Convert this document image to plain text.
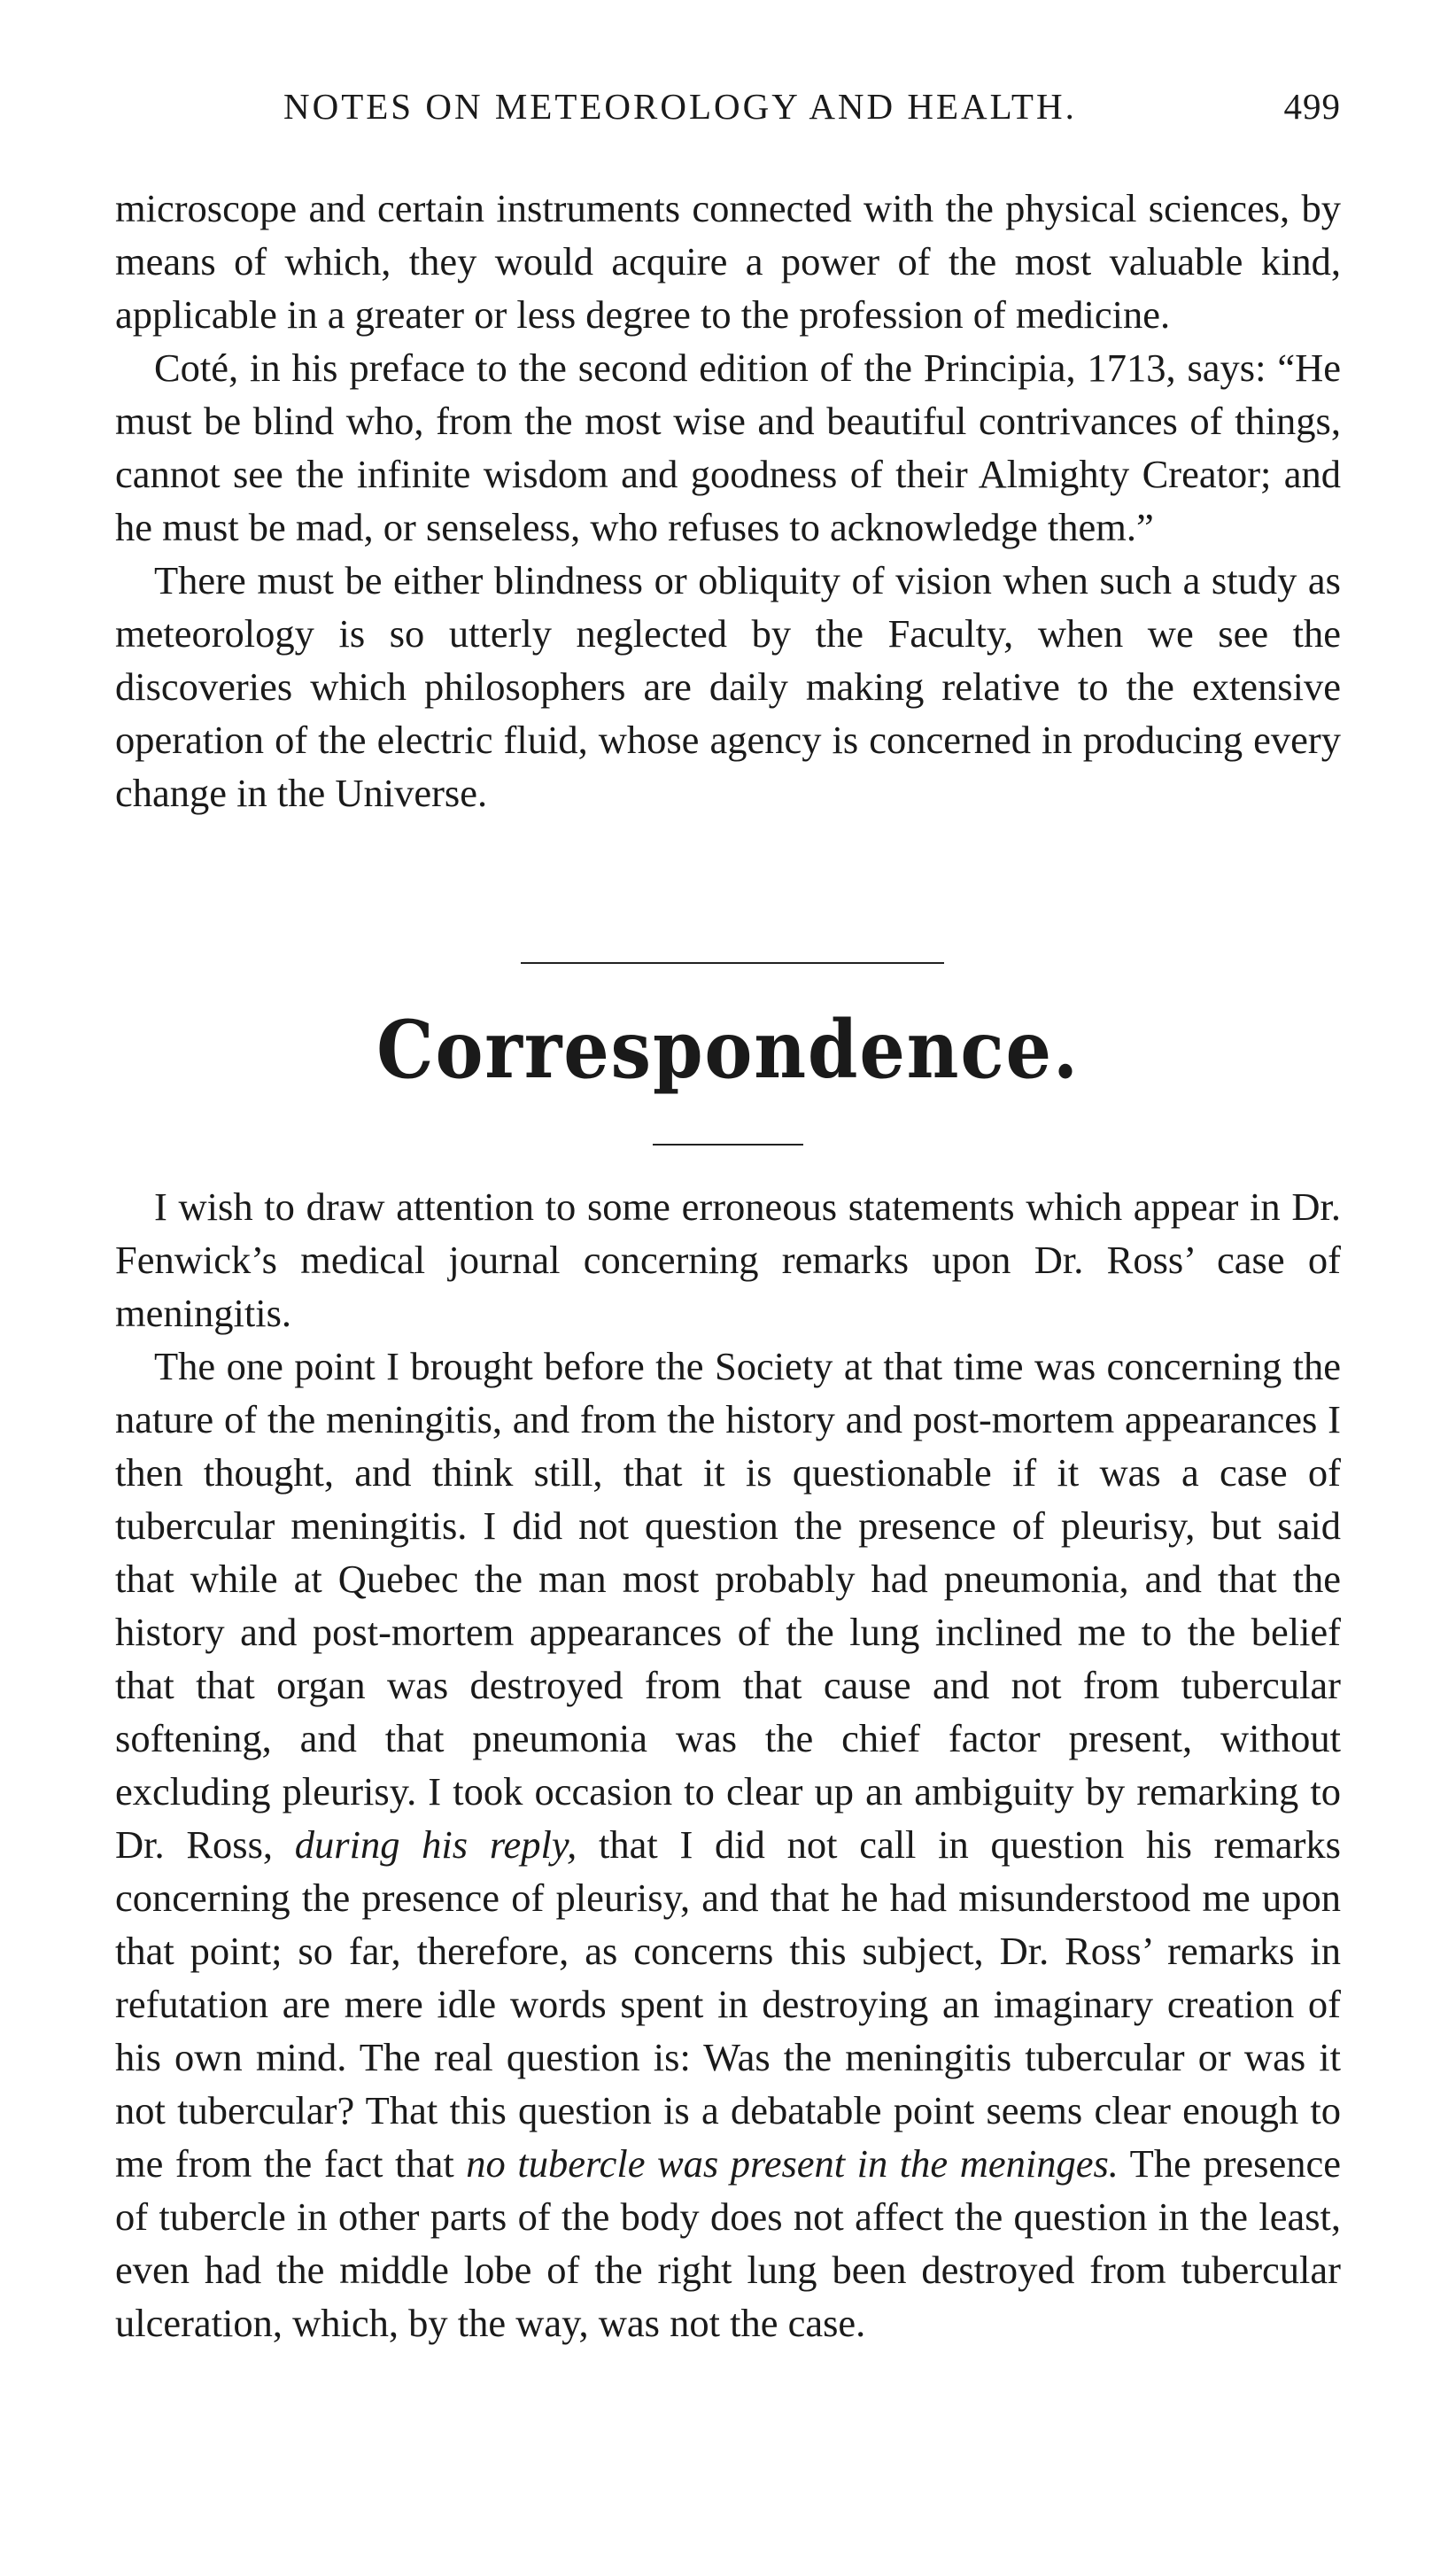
NOTES ON METEOROLOGY AND HEALTH.	499

microscope and certain instruments connected with the physical sciences, by means of which, they would acquire a power of the most valuable kind, applicable in a greater or less degree to the profession of medicine.

Coté, in his preface to the second edition of the Principia, 1713, says: “He must be blind who, from the most wise and beautiful contrivances of things, cannot see the infinite wisdom and goodness of their Almighty Creator; and he must be mad, or senseless, who refuses to acknowledge them.”

There must be either blindness or obliquity of vision when such a study as meteorology is so utterly neglected by the Faculty, when we see the discoveries which philosophers are daily making relative to the extensive operation of the electric fluid, whose agency is concerned in producing every change in the Universe.

Correspondence.

I wish to draw attention to some erroneous statements which appear in Dr. Fenwick’s medical journal concerning remarks upon Dr. Ross’ case of meningitis.

The one point I brought before the Society at that time was concerning the nature of the meningitis, and from the history and post-mortem appearances I then thought, and think still, that it is questionable if it was a case of tubercular meningitis. I did not question the presence of pleurisy, but said that while at Quebec the man most probably had pneumonia, and that the history and post-mortem appearances of the lung inclined me to the belief that that organ was destroyed from that cause and not from tubercular softening, and that pneumonia was the chief factor present, without excluding pleurisy. I took occasion to clear up an ambiguity by remarking to Dr. Ross, during his reply, that I did not call in question his remarks concerning the presence of pleurisy, and that he had misunderstood me upon that point; so far, therefore, as concerns this subject, Dr. Ross’ remarks in refutation are mere idle words spent in destroying an imaginary creation of his own mind. The real question is: Was the meningitis tubercular or was it not tubercular? That this question is a debatable point seems clear enough to me from the fact that no tubercle was present in the meninges. The presence of tubercle in other parts of the body does not affect the question in the least, even had the middle lobe of the right lung been destroyed from tubercular ulceration, which, by the way, was not the case.
